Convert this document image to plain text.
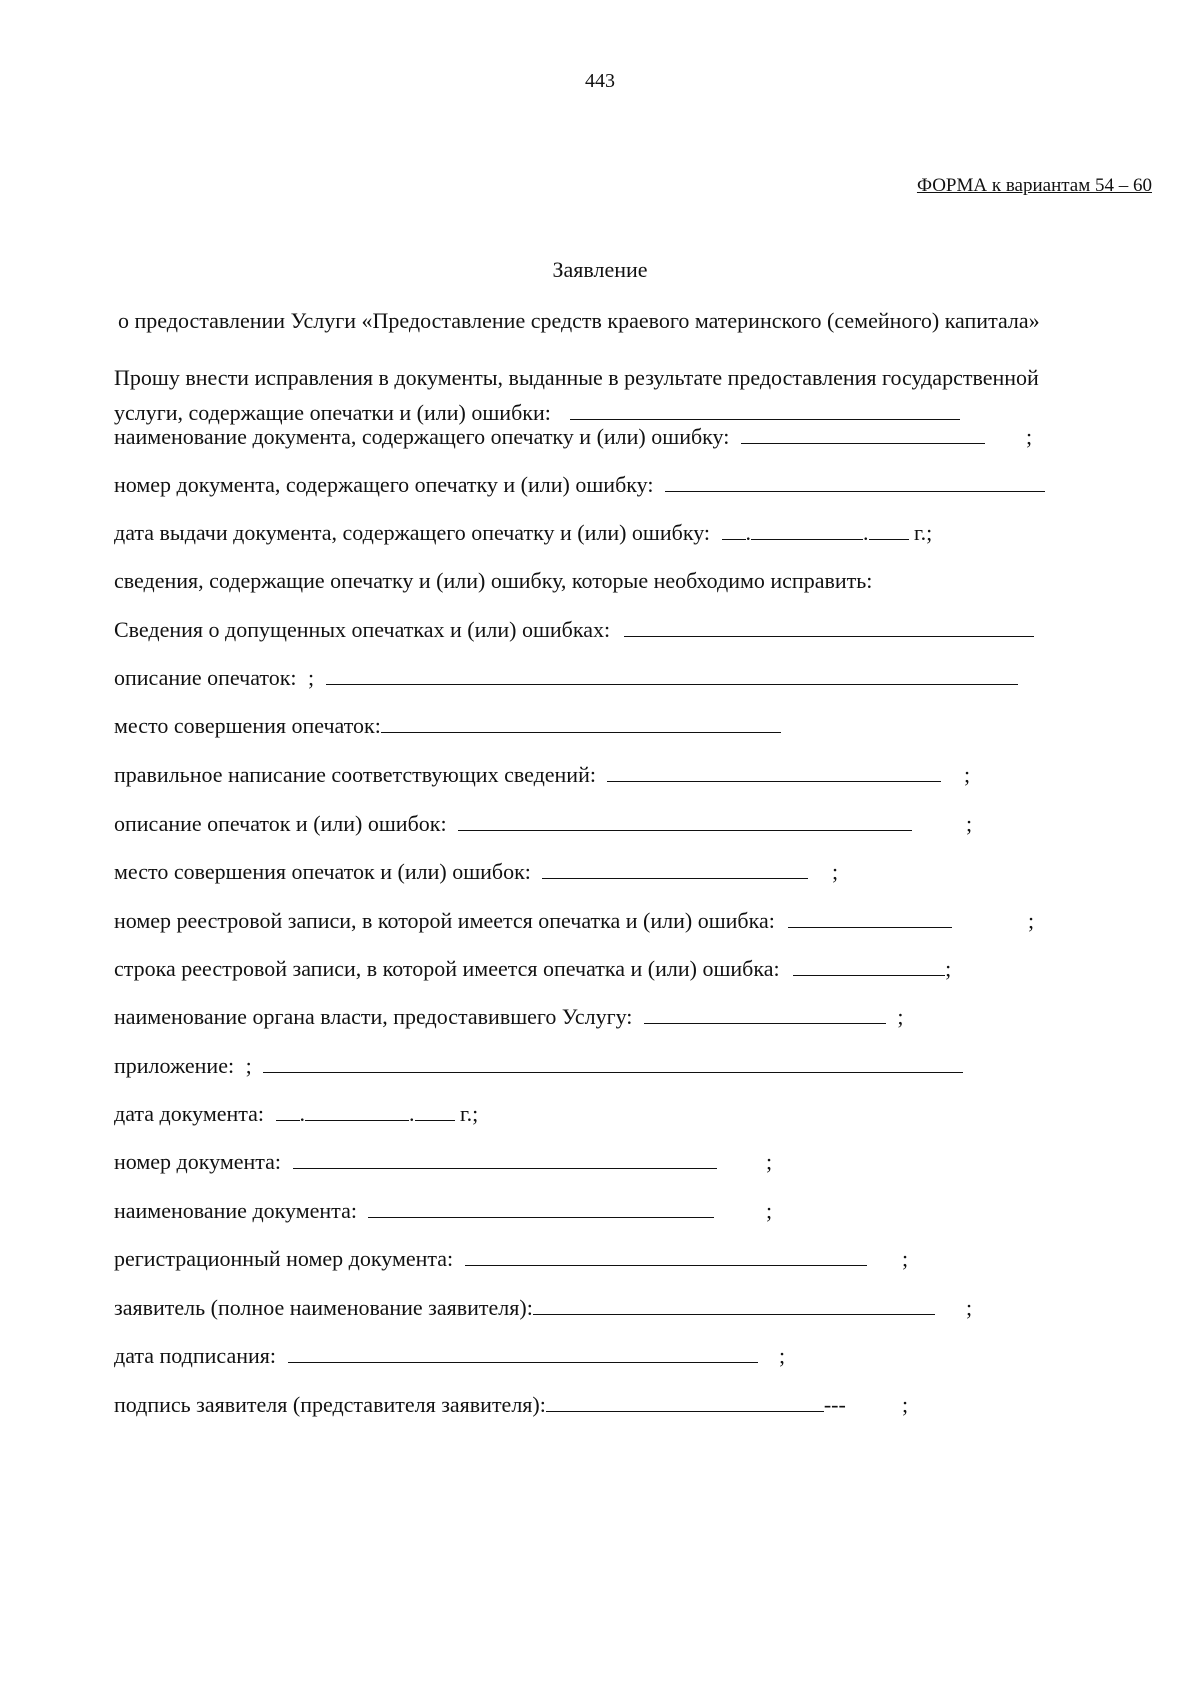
443
ФОРМА к вариантам 54 – 60
Заявление
о предоставлении Услуги «Предоставление средств краевого материнского (семейного) капитала»
Прошу внести исправления в документы, выданные в результате предоставления государственной
услуги, содержащие опечатки и (или) ошибки:
наименование документа, содержащего опечатку и (или) ошибку:	;
номер документа, содержащего опечатку и (или) ошибку:
дата выдачи документа, содержащего опечатку и (или) ошибку: .	. г.;
сведения, содержащие опечатку и (или) ошибку, которые необходимо исправить:
Сведения о допущенных опечатках и (или) ошибках:
описание опечаток: ;
место совершения опечаток:
правильное написание соответствующих сведений:	;
описание опечаток и (или) ошибок:	;
место совершения опечаток и (или) ошибок:	;
номер реестровой записи, в которой имеется опечатка и (или) ошибка:	;
строка реестровой записи, в которой имеется опечатка и (или) ошибка:	;
наименование органа власти, предоставившего Услугу:	;
приложение: ;
дата документа: .	. г.;
номер документа:	;
наименование документа:	;
регистрационный номер документа:	;
заявитель (полное наименование заявителя):	;
дата подписания:	;
подпись заявителя (представителя заявителя):	---	;
